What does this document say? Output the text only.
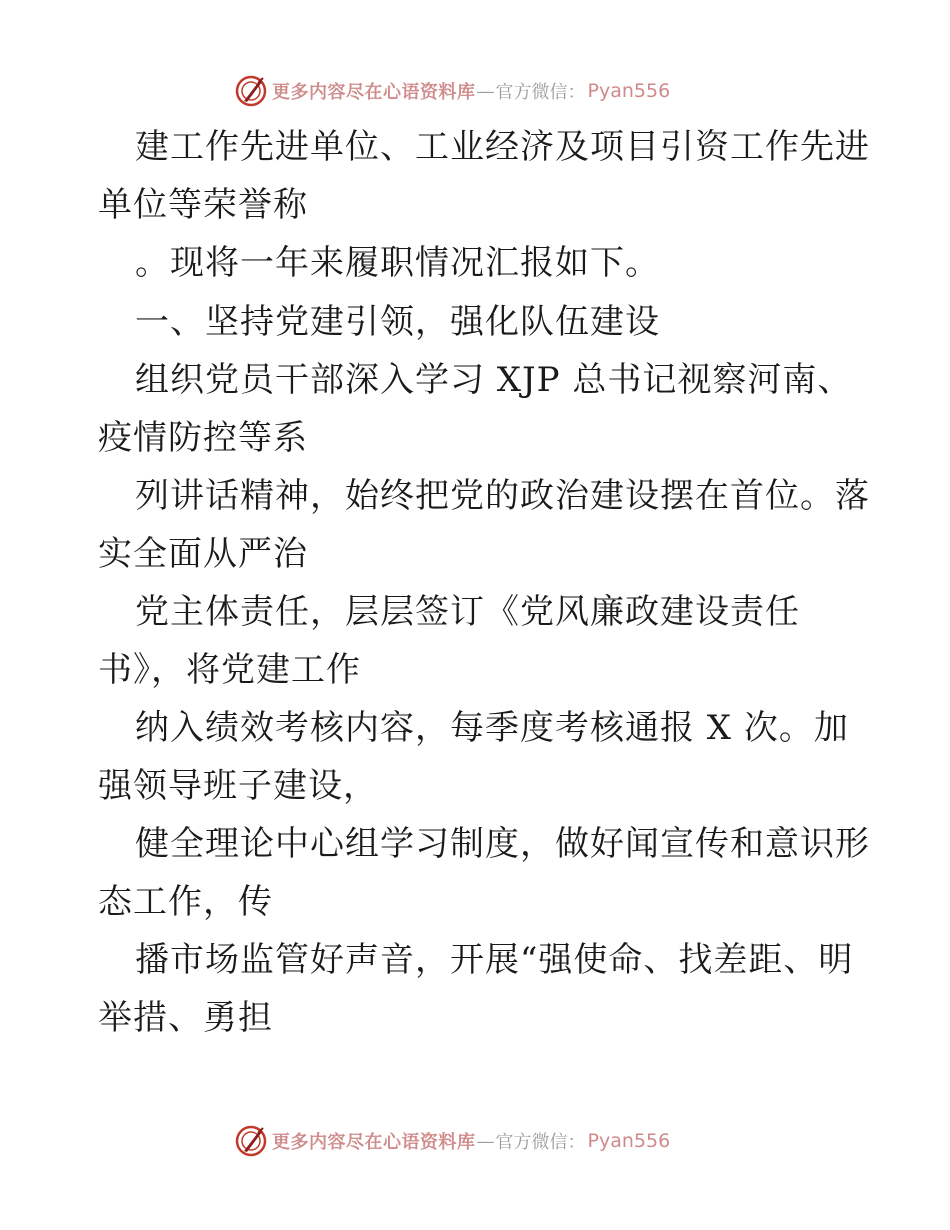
更多内容尽在心语资料库 — 官方微信： Pyan556
建工作先进单位、工业经济及项目引资工作先进
单位等荣誉称
。现将一年来履职情况汇报如下。
一、坚持党建引领，强化队伍建设
组织党员干部深入学习 XJP 总书记视察河南、
疫情防控等系
列讲话精神，始终把党的政治建设摆在首位。落
实全面从严治
党主体责任，层层签订《党风廉政建设责任
书》，将党建工作
纳入绩效考核内容，每季度考核通报 X 次。加
强领导班子建设，
健全理论中心组学习制度，做好闻宣传和意识形
态工作，传
播市场监管好声音，开展“强使命、找差距、明
举措、勇担
更多内容尽在心语资料库 — 官方微信： Pyan556
